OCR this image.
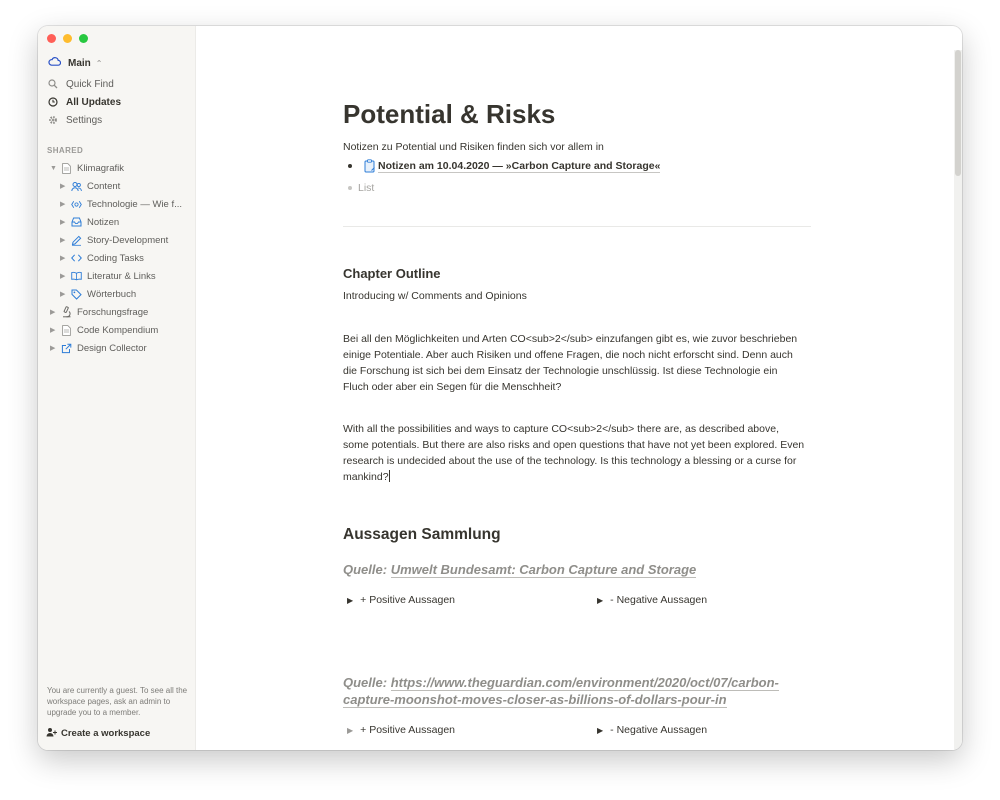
Main ⌃
Quick Find
All Updates
Settings
SHARED
▼ Klimagrafik
▶ Content
▶ Technologie — Wie f...
▶ Notizen
▶ Story-Development
▶ Coding Tasks
▶ Literatur & Links
▶ Wörterbuch
▶ Forschungsfrage
▶ Code Kompendium
▶ Design Collector
You are currently a guest. To see all the workspace pages, ask an admin to upgrade you to a member.
Create a workspace
Potential & Risks
Notizen zu Potential und Risiken finden sich vor allem in
Notizen am 10.04.2020 — »Carbon Capture and Storage«
List
Chapter Outline
Introducing w/ Comments and Opinions
Bei all den Möglichkeiten und Arten CO<sub>2</sub> einzufangen gibt es, wie zuvor beschrieben einige Potentiale. Aber auch Risiken und offene Fragen, die noch nicht erforscht sind. Denn auch die Forschung ist sich bei dem Einsatz der Technologie unschlüssig. Ist diese Technologie ein Fluch oder aber ein Segen für die Menschheit?
With all the possibilities and ways to capture CO<sub>2</sub> there are, as described above, some potentials. But there are also risks and open questions that have not yet been explored. Even research is undecided about the use of the technology. Is this technology a blessing or a curse for mankind?
Aussagen Sammlung
Quelle: Umwelt Bundesamt: Carbon Capture and Storage
▶ + Positive Aussagen	▶ - Negative Aussagen
Quelle: https://www.theguardian.com/environment/2020/oct/07/carbon-capture-moonshot-moves-closer-as-billions-of-dollars-pour-in
▶ + Positive Aussagen	▶ - Negative Aussagen
